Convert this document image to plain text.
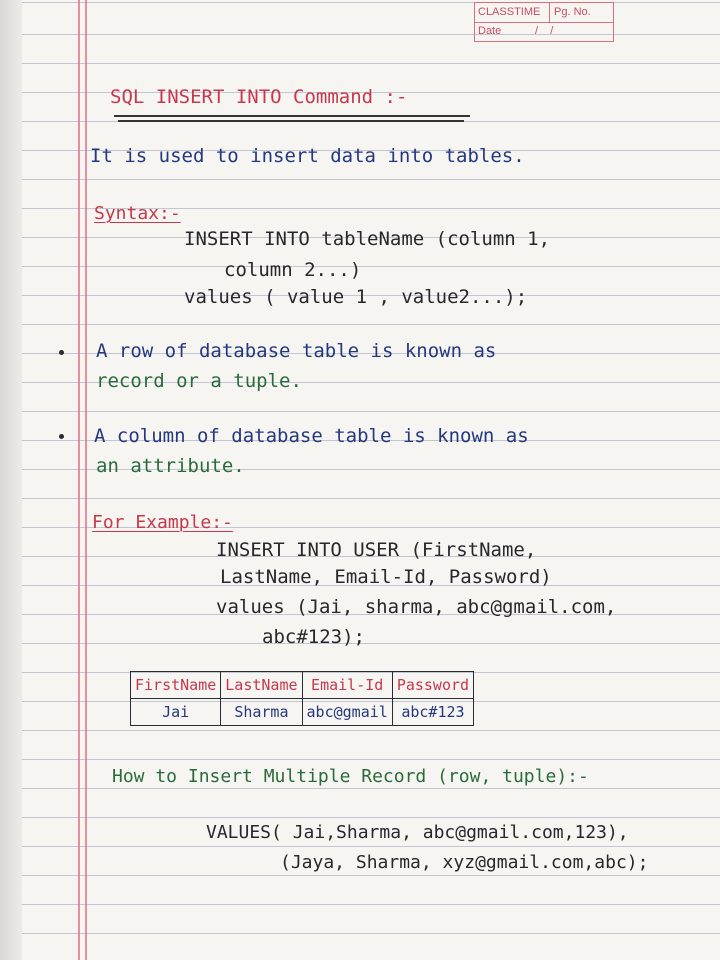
CLASSTIME Pg. No.
Date	/    /
SQL INSERT INTO Command :-
It is used to insert data into tables.
Syntax:-
INSERT INTO tableName (column 1,
column 2...)
values ( value 1 , value2...);
A row of database table is known as
record or a tuple.
A column of database table is known as
an attribute.
For Example:-
INSERT INTO USER (FirstName,
LastName, Email-Id, Password)
values (Jai, sharma, abc@gmail.com,
abc#123);
FirstName	LastName	Email-Id	Password
Jai	Sharma	abc@gmail	abc#123
How to Insert Multiple Record (row, tuple):-
VALUES( Jai,Sharma, abc@gmail.com,123),
(Jaya, Sharma, xyz@gmail.com,abc);
